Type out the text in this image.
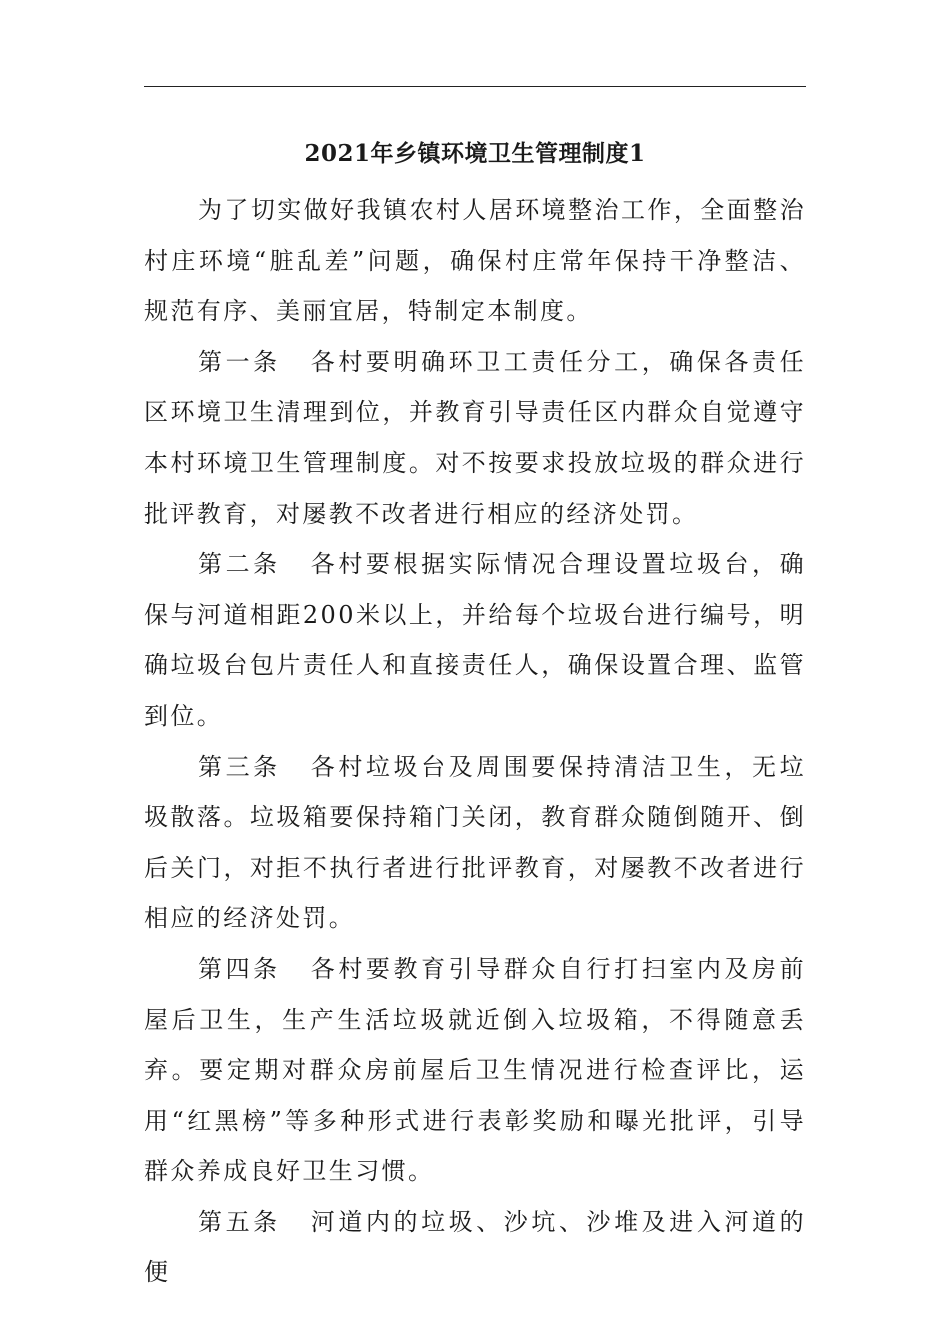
2021年乡镇环境卫生管理制度1

为了切实做好我镇农村人居环境整治工作，全面整治村庄环境“脏乱差”问题，确保村庄常年保持干净整洁、规范有序、美丽宜居，特制定本制度。

第一条 各村要明确环卫工责任分工，确保各责任区环境卫生清理到位，并教育引导责任区内群众自觉遵守本村环境卫生管理制度。对不按要求投放垃圾的群众进行批评教育，对屡教不改者进行相应的经济处罚。

第二条 各村要根据实际情况合理设置垃圾台，确保与河道相距200米以上，并给每个垃圾台进行编号，明确垃圾台包片责任人和直接责任人，确保设置合理、监管到位。

第三条 各村垃圾台及周围要保持清洁卫生，无垃圾散落。垃圾箱要保持箱门关闭，教育群众随倒随开、倒后关门，对拒不执行者进行批评教育，对屡教不改者进行相应的经济处罚。

第四条 各村要教育引导群众自行打扫室内及房前屋后卫生，生产生活垃圾就近倒入垃圾箱，不得随意丢弃。要定期对群众房前屋后卫生情况进行检查评比，运用“红黑榜”等多种形式进行表彰奖励和曝光批评，引导群众养成良好卫生习惯。

第五条 河道内的垃圾、沙坑、沙堆及进入河道的便
